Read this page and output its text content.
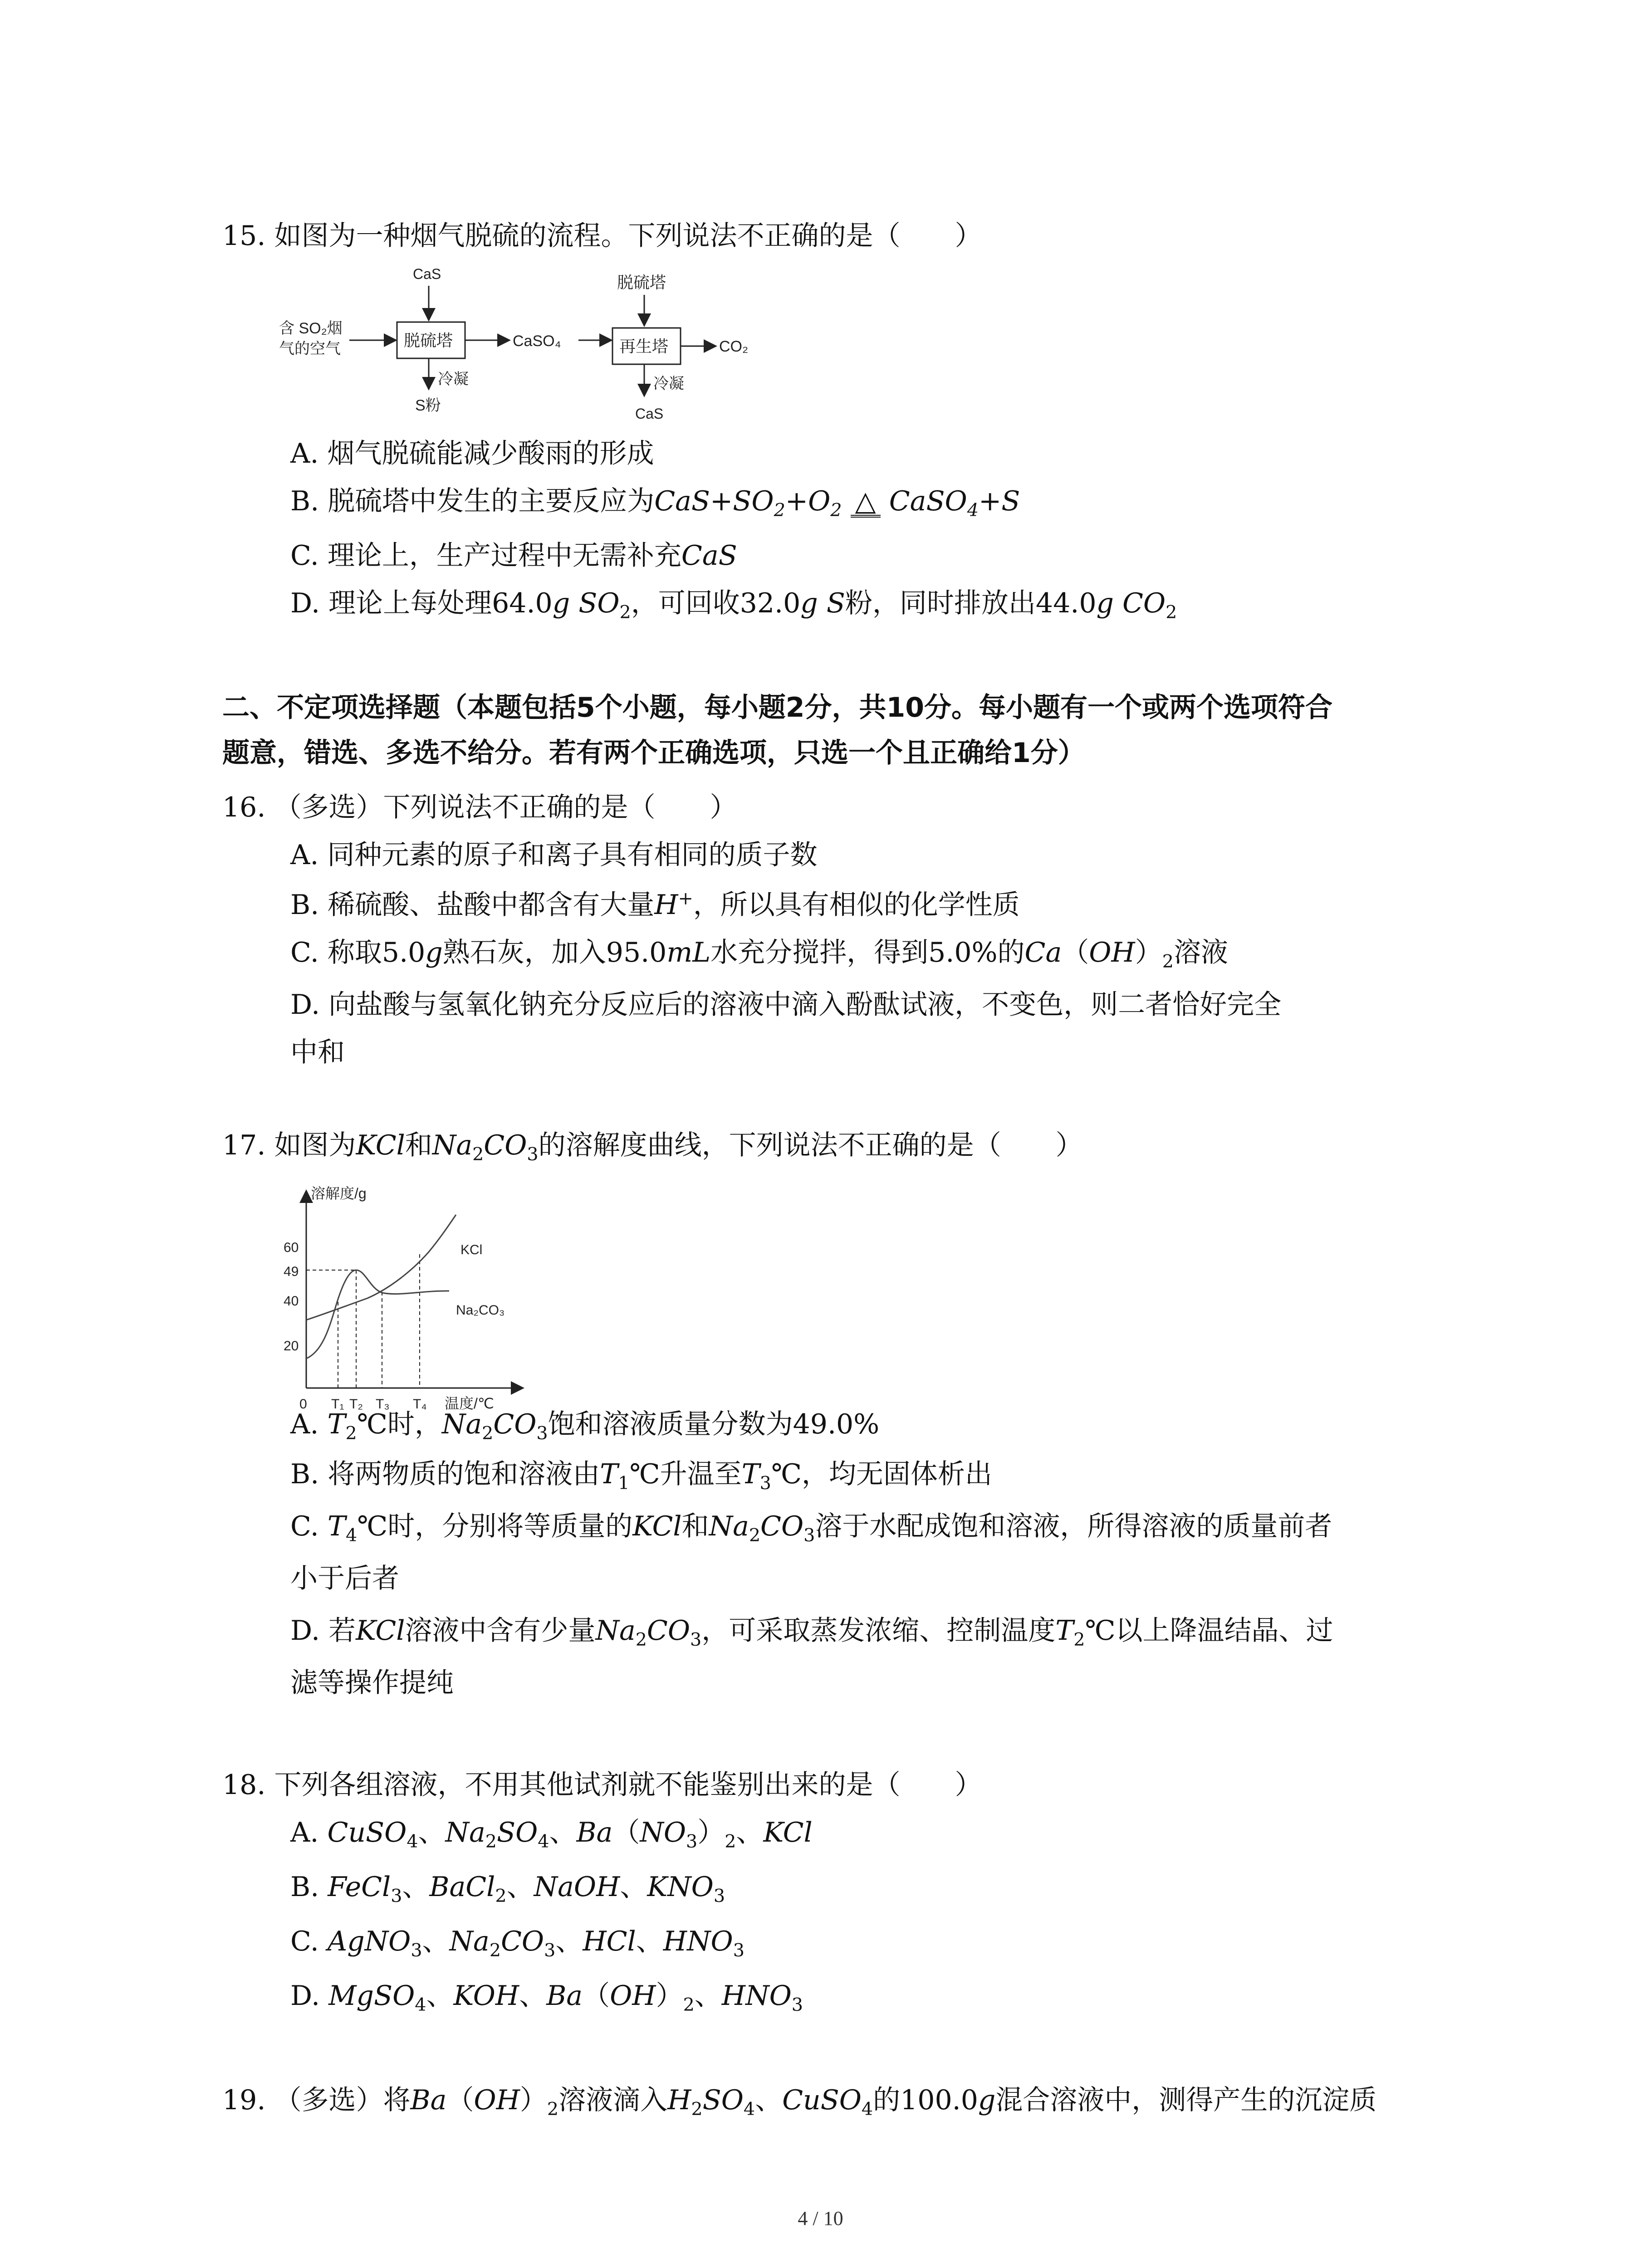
15. 如图为一种烟气脱硫的流程。下列说法不正确的是（　　）
含 SO₂烟
气的空气
CaS
脱硫塔	CaSO₄
脱硫塔
再生塔	CO₂
冷凝
S粉
冷凝
CaS
A. 烟气脱硫能减少酸雨的形成
B. 脱硫塔中发生的主要反应为$CaS+SO_2+O_2$ △ CaSO$_4$+S
C. 理论上，生产过程中无需补充CaS
D. 理论上每处理64.0g $SO_2$，可回收32.0g S粉，同时排放出44.0g $CO_2$
二、不定项选择题（本题包括5个小题，每小题2分，共10分。每小题有一个或两个选项符合
题意，错选、多选不给分。若有两个正确选项，只选一个且正确给1分）
16. （多选）下列说法不正确的是（　　）
A. 同种元素的原子和离子具有相同的质子数
B. 稀硫酸、盐酸中都含有大量H+，所以具有相似的化学性质
C. 称取5.0g熟石灰，加入95.0mL水充分搅拌，得到5.0%的$Ca(OH)_2$溶液
D. 向盐酸与氢氧化钠充分反应后的溶液中滴入酚酞试液，不变色，则二者恰好完全
中和
17. 如图为KCl和$Na_2CO_3$的溶解度曲线，下列说法不正确的是（　　）
溶解度/g
60
49
40
20
0 T₁ T₂ T₃ T₄ 温度/℃
KCl
Na₂CO₃
A. $T_2℃$时，$Na_2CO_3$饱和溶液质量分数为49.0%
B. 将两物质的饱和溶液由$T_1℃$升温至$T_3℃$，均无固体析出
C. $T_4℃$时，分别将等质量的KCl和$Na_2CO_3$溶于水配成饱和溶液，所得溶液的质量前者
小于后者
D. 若KCl溶液中含有少量$Na_2CO_3$，可采取蒸发浓缩、控制温度$T_2℃$以上降温结晶、过
滤等操作提纯
18. 下列各组溶液，不用其他试剂就不能鉴别出来的是（　　）
A. CuSO$_4$、$Na_2SO_4$、$Ba(NO_3)_2$、KCl
B. FeCl$_3$、BaCl$_2$、NaOH、$KNO_3$
C. AgNO$_3$、$Na_2CO_3$、HCl、$HNO_3$
D. MgSO$_4$、KOH、$Ba(OH)_2$、$HNO_3$
19. （多选）将$Ba(OH)_2$溶液滴入$H_2SO_4$、CuSO$_4$的100.0g混合溶液中，测得产生的沉淀质
4 / 10
